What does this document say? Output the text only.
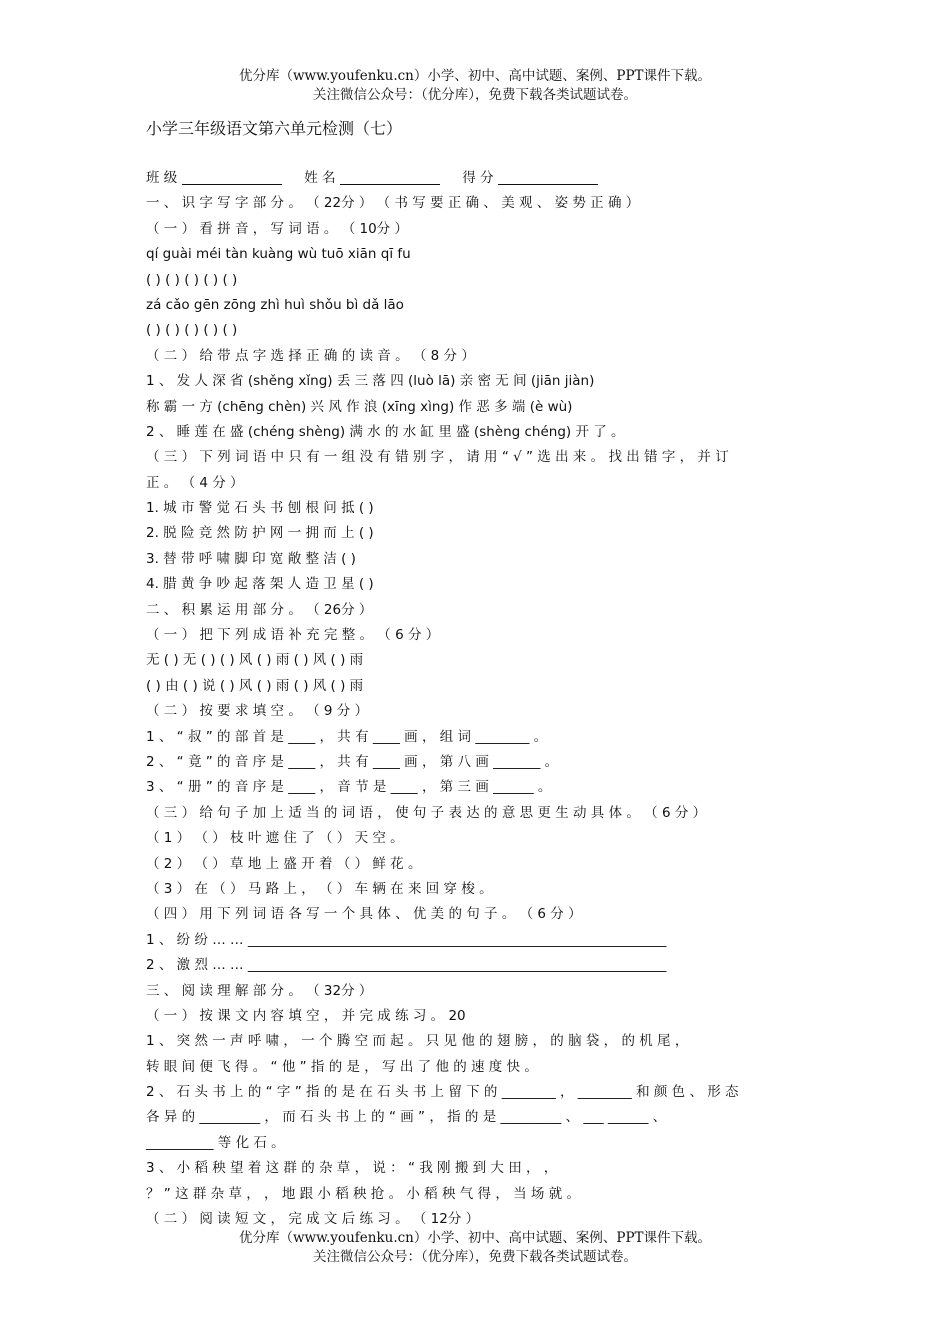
优分库（www.youfenku.cn）小学、初中、高中试题、案例、PPT课件下载。
关注微信公众号：（优分库），免费下载各类试题试卷。
小学三年级语文第六单元检测（七）
班 级	姓 名	得 分
一 、 识 字 写 字 部 分 。 （ 22分 ） （ 书 写 要 正 确 、 美 观 、 姿 势 正 确 ）
（ 一 ） 看 拼 音 ， 写 词 语 。 （ 10分 ）
qí guài méi tàn kuàng wù tuō xiān qī fu
( ) ( ) ( ) ( ) ( )
zá cǎo gēn zōng zhì huì shǒu bì dǎ lāo
( ) ( ) ( ) ( ) ( )
（ 二 ） 给 带 点 字 选 择 正 确 的 读 音 。 （ 8 分 ）
1 、 发 人 深 省 (shěng xǐng) 丢 三 落 四 (luò lā) 亲 密 无 间 (jiān jiàn)
称 霸 一 方 (chēng chèn) 兴 风 作 浪 (xīng xìng) 作 恶 多 端 (è wù)
2 、 睡 莲 在 盛 (chéng shèng) 满 水 的 水 缸 里 盛 (shèng chéng) 开 了 。
（ 三 ） 下 列 词 语 中 只 有 一 组 没 有 错 别 字 ， 请 用 “ √ ” 选 出 来 。 找 出 错 字 ， 并 订
正 。 （ 4 分 ）
1. 城 市 警 觉 石 头 书 刨 根 问 抵 ( )
2. 脱 险 竞 然 防 护 网 一 拥 而 上 ( )
3. 替 带 呼 啸 脚 印 宽 敞 整 洁 ( )
4. 腊 黄 争 吵 起 落 架 人 造 卫 星 ( )
二 、 积 累 运 用 部 分 。 （ 26分 ）
（ 一 ） 把 下 列 成 语 补 充 完 整 。 （ 6 分 ）
无 ( ) 无 ( ) ( ) 风 ( ) 雨 ( ) 风 ( ) 雨
( ) 由 ( ) 说 ( ) 风 ( ) 雨 ( ) 风 ( ) 雨
（ 二 ） 按 要 求 填 空 。 （ 9 分 ）
1 、 “ 叔 ” 的 部 首 是 ____ ， 共 有 ____ 画 ， 组 词 ________ 。
2 、 “ 竟 ” 的 音 序 是 ____ ， 共 有 ____ 画 ， 第 八 画 _______ 。
3 、 “ 册 ” 的 音 序 是 ____ ， 音 节 是 ____ ， 第 三 画 ______ 。
（ 三 ） 给 句 子 加 上 适 当 的 词 语 ， 使 句 子 表 达 的 意 思 更 生 动 具 体 。 （ 6 分 ）
（ 1 ） （ ） 枝 叶 遮 住 了 （ ） 天 空 。
（ 2 ） （ ） 草 地 上 盛 开 着 （ ） 鲜 花 。
（ 3 ） 在 （ ） 马 路 上 ， （ ） 车 辆 在 来 回 穿 梭 。
（ 四 ） 用 下 列 词 语 各 写 一 个 具 体 、 优 美 的 句 子 。 （ 6 分 ）
1 、 纷 纷 … … ______________________________________________________________
2 、 激 烈 … … ______________________________________________________________
三 、 阅 读 理 解 部 分 。 （ 32分 ）
（ 一 ） 按 课 文 内 容 填 空 ， 并 完 成 练 习 。 20
1 、 突 然 一 声 呼 啸 ， 一 个 腾 空 而 起 。 只 见 他 的 翅 膀 ， 的 脑 袋 ， 的 机 尾 ，
转 眼 间 便 飞 得 。 “ 他 ” 指 的 是 ， 写 出 了 他 的 速 度 快 。
2 、 石 头 书 上 的 “ 字 ” 指 的 是 在 石 头 书 上 留 下 的 ________ ， ________ 和 颜 色 、 形 态
各 异 的 _________ ， 而 石 头 书 上 的 “ 画 ” ， 指 的 是 _________ 、 ___ ______ 、
__________ 等 化 石 。
3 、 小 稻 秧 望 着 这 群 的 杂 草 ， 说 ： “ 我 刚 搬 到 大 田 ， ，
？ ” 这 群 杂 草 ， ， 地 跟 小 稻 秧 抢 。 小 稻 秧 气 得 ， 当 场 就 。
（ 二 ） 阅 读 短 文 ， 完 成 文 后 练 习 。 （ 12分 ）
优分库（www.youfenku.cn）小学、初中、高中试题、案例、PPT课件下载。
关注微信公众号：（优分库），免费下载各类试题试卷。
